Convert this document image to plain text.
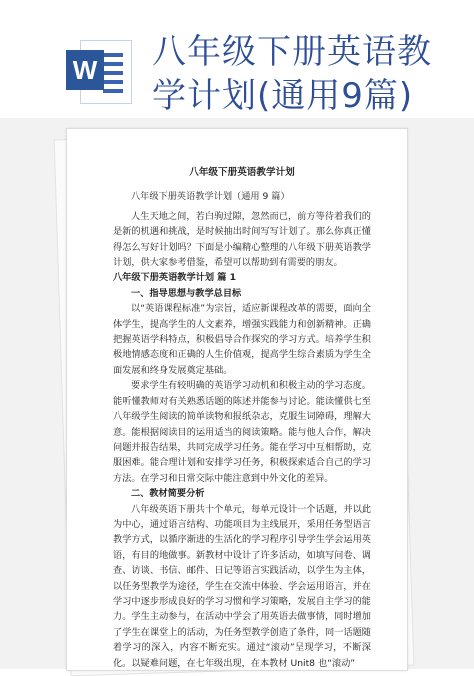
W 八年级下册英语教
学计划(通用9篇)
八年级下册英语教学计划
八年级下册英语教学计划（通用 9 篇）

人生天地之间，若白驹过隙，忽然而已，前方等待着我们的是新的机遇和挑战，是时候抽出时间写写计划了。那么你真正懂得怎么写好计划吗？下面是小编精心整理的八年级下册英语教学计划，供大家参考借鉴，希望可以帮助到有需要的朋友。

八年级下册英语教学计划 篇 1

一、指导思想与教学总目标

以“英语课程标准”为宗旨，适应新课程改革的需要，面向全体学生，提高学生的人文素养，增强实践能力和创新精神。正确把握英语学科特点，积极倡导合作探究的学习方式。培养学生积极地情感态度和正确的人生价值观，提高学生综合素质为学生全面发展和终身发展奠定基础。

要求学生有较明确的英语学习动机和积极主动的学习态度。能听懂教师对有关熟悉话题的陈述并能参与讨论。能读懂供七至八年级学生阅读的简单读物和报纸杂志，克服生词障碍，理解大意。能根据阅读目的运用适当的阅读策略。能与他人合作，解决问题并报告结果，共同完成学习任务。能在学习中互相帮助，克服困难。能合理计划和安排学习任务，积极探索适合自己的学习方法。在学习和日常交际中能注意到中外文化的差异。

二、教材简要分析

八年级英语下册共十个单元，每单元设计一个话题，并以此为中心，通过语言结构、功能项目为主线展开，采用任务型语言教学方式，以循序渐进的生活化的学习程序引导学生学会运用英语，有目的地做事。新教材中设计了许多活动，如填写问卷、调查、访谈、书信、邮件、日记等语言实践活动，以学生为主体，以任务型教学为途径，学生在交流中体验、学会运用语言，并在学习中逐步形成良好的学习习惯和学习策略，发展自主学习的能力。学生主动参与，在活动中学会了用英语去做事情，同时增加了学生在课堂上的活动，为任务型教学创造了条件，同一话题随着学习的深入，内容不断充实。通过“滚动”呈现学习，不断深化。以疑难问题，在七年级出现，在本教材 Unit8 也“滚动”
